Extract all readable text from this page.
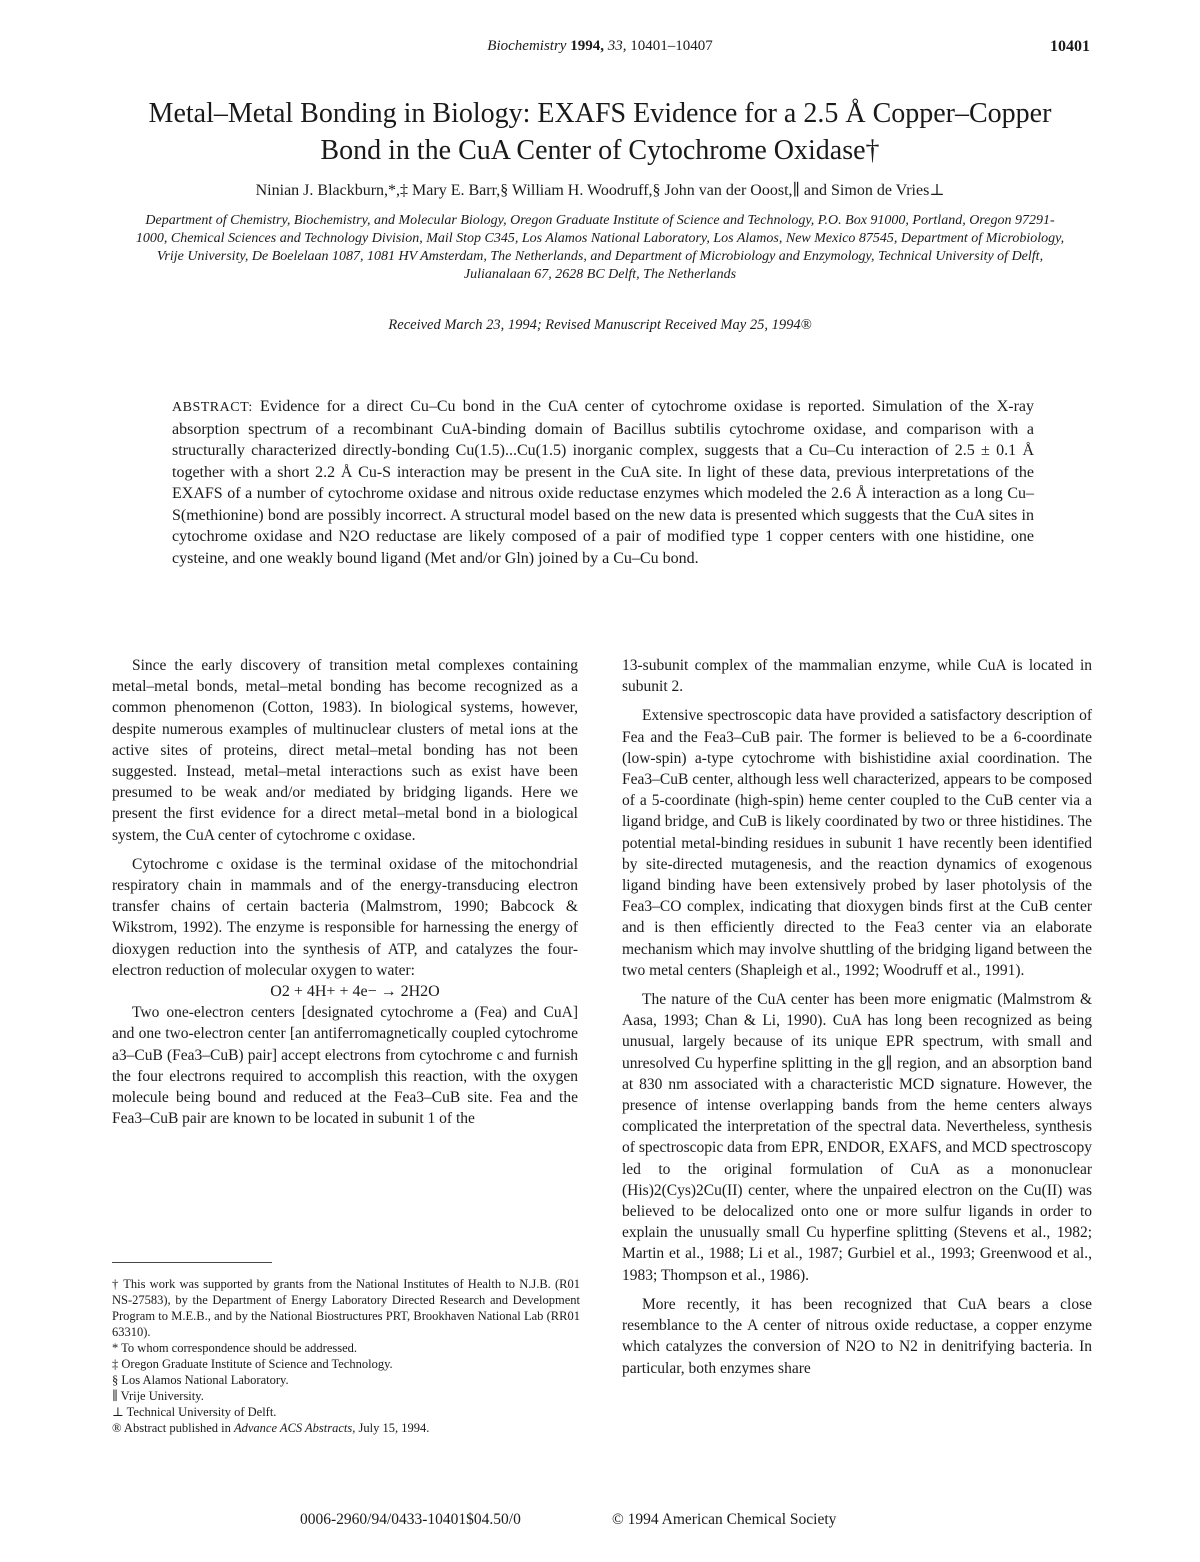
Biochemistry 1994, 33, 10401–10407	10401
Metal–Metal Bonding in Biology: EXAFS Evidence for a 2.5 Å Copper–Copper
Bond in the CuA Center of Cytochrome Oxidase†
Ninian J. Blackburn,*,‡ Mary E. Barr,§ William H. Woodruff,§ John van der Ooost,∥ and Simon de Vries⊥
Department of Chemistry, Biochemistry, and Molecular Biology, Oregon Graduate Institute of Science and Technology, P.O. Box 91000, Portland, Oregon 97291-1000, Chemical Sciences and Technology Division, Mail Stop C345, Los Alamos National Laboratory, Los Alamos, New Mexico 87545, Department of Microbiology, Vrije University, De Boelelaan 1087, 1081 HV Amsterdam, The Netherlands, and Department of Microbiology and Enzymology, Technical University of Delft, Julianalaan 67, 2628 BC Delft, The Netherlands
Received March 23, 1994; Revised Manuscript Received May 25, 1994®
ABSTRACT: Evidence for a direct Cu–Cu bond in the CuA center of cytochrome oxidase is reported. Simulation of the X-ray absorption spectrum of a recombinant CuA-binding domain of Bacillus subtilis cytochrome oxidase, and comparison with a structurally characterized directly-bonding Cu(1.5)...Cu(1.5) inorganic complex, suggests that a Cu–Cu interaction of 2.5 ± 0.1 Å together with a short 2.2 Å Cu-S interaction may be present in the CuA site. In light of these data, previous interpretations of the EXAFS of a number of cytochrome oxidase and nitrous oxide reductase enzymes which modeled the 2.6 Å interaction as a long Cu–S(methionine) bond are possibly incorrect. A structural model based on the new data is presented which suggests that the CuA sites in cytochrome oxidase and N2O reductase are likely composed of a pair of modified type 1 copper centers with one histidine, one cysteine, and one weakly bound ligand (Met and/or Gln) joined by a Cu–Cu bond.

Since the early discovery of transition metal complexes containing metal–metal bonds, metal–metal bonding has become recognized as a common phenomenon (Cotton, 1983). In biological systems, however, despite numerous examples of multinuclear clusters of metal ions at the active sites of proteins, direct metal–metal bonding has not been suggested. Instead, metal–metal interactions such as exist have been presumed to be weak and/or mediated by bridging ligands. Here we present the first evidence for a direct metal–metal bond in a biological system, the CuA center of cytochrome c oxidase.

Cytochrome c oxidase is the terminal oxidase of the mitochondrial respiratory chain in mammals and of the energy-transducing electron transfer chains of certain bacteria (Malmstrom, 1990; Babcock & Wikstrom, 1992). The enzyme is responsible for harnessing the energy of dioxygen reduction into the synthesis of ATP, and catalyzes the four-electron reduction of molecular oxygen to water:

O2 + 4H+ + 4e− → 2H2O

Two one-electron centers [designated cytochrome a (Fea) and CuA] and one two-electron center [an antiferromagnetically coupled cytochrome a3–CuB (Fea3–CuB) pair] accept electrons from cytochrome c and furnish the four electrons required to accomplish this reaction, with the oxygen molecule being bound and reduced at the Fea3–CuB site. Fea and the Fea3–CuB pair are known to be located in subunit 1 of the

13-subunit complex of the mammalian enzyme, while CuA is located in subunit 2.

Extensive spectroscopic data have provided a satisfactory description of Fea and the Fea3–CuB pair. The former is believed to be a 6-coordinate (low-spin) a-type cytochrome with bishistidine axial coordination. The Fea3–CuB center, although less well characterized, appears to be composed of a 5-coordinate (high-spin) heme center coupled to the CuB center via a ligand bridge, and CuB is likely coordinated by two or three histidines. The potential metal-binding residues in subunit 1 have recently been identified by site-directed mutagenesis, and the reaction dynamics of exogenous ligand binding have been extensively probed by laser photolysis of the Fea3–CO complex, indicating that dioxygen binds first at the CuB center and is then efficiently directed to the Fea3 center via an elaborate mechanism which may involve shuttling of the bridging ligand between the two metal centers (Shapleigh et al., 1992; Woodruff et al., 1991).

The nature of the CuA center has been more enigmatic (Malmstrom & Aasa, 1993; Chan & Li, 1990). CuA has long been recognized as being unusual, largely because of its unique EPR spectrum, with small and unresolved Cu hyperfine splitting in the g∥ region, and an absorption band at 830 nm associated with a characteristic MCD signature. However, the presence of intense overlapping bands from the heme centers always complicated the interpretation of the spectral data. Nevertheless, synthesis of spectroscopic data from EPR, ENDOR, EXAFS, and MCD spectroscopy led to the original formulation of CuA as a mononuclear (His)2(Cys)2Cu(II) center, where the unpaired electron on the Cu(II) was believed to be delocalized onto one or more sulfur ligands in order to explain the unusually small Cu hyperfine splitting (Stevens et al., 1982; Martin et al., 1988; Li et al., 1987; Gurbiel et al., 1993; Greenwood et al., 1983; Thompson et al., 1986).

More recently, it has been recognized that CuA bears a close resemblance to the A center of nitrous oxide reductase, a copper enzyme which catalyzes the conversion of N2O to N2 in denitrifying bacteria. In particular, both enzymes share

† This work was supported by grants from the National Institutes of Health to N.J.B. (R01 NS-27583), by the Department of Energy Laboratory Directed Research and Development Program to M.E.B., and by the National Biostructures PRT, Brookhaven National Lab (RR01 63310).
* To whom correspondence should be addressed.
‡ Oregon Graduate Institute of Science and Technology.
§ Los Alamos National Laboratory.
∥ Vrije University.
⊥ Technical University of Delft.
® Abstract published in Advance ACS Abstracts, July 15, 1994.
0006-2960/94/0433-10401$04.50/0	© 1994 American Chemical Society
